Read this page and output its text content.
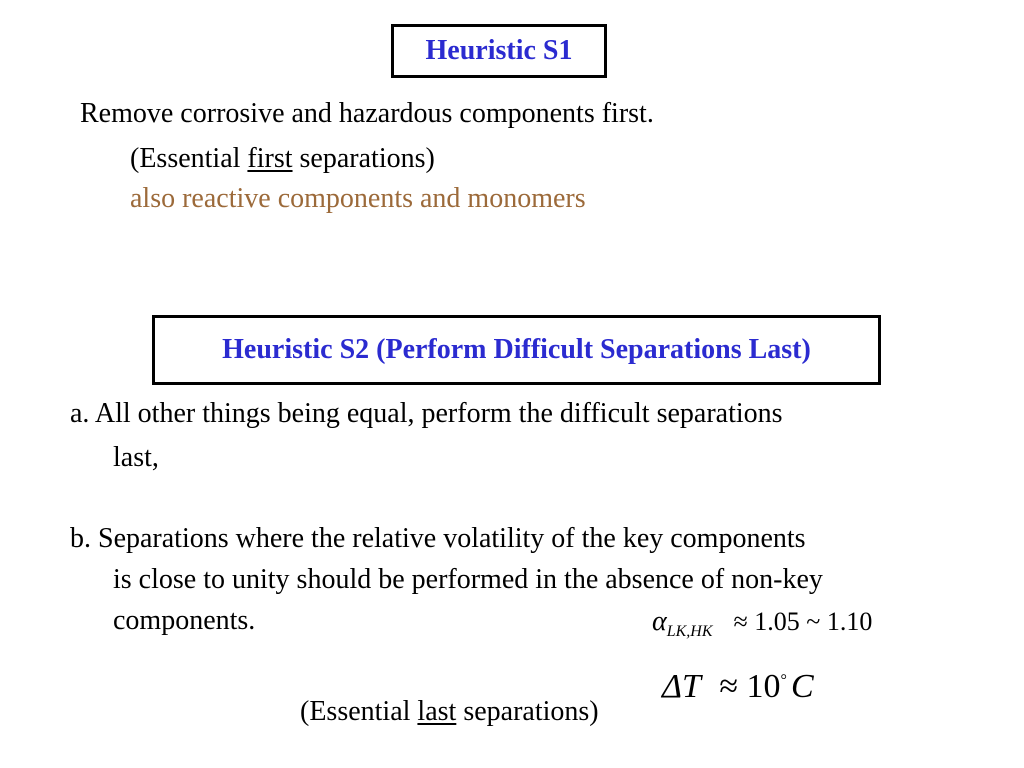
Heuristic S1
Remove corrosive and hazardous components first.
(Essential first separations)
also reactive components and monomers
Heuristic S2 (Perform Difficult Separations Last)
a. All other things being equal, perform the difficult separations
last,
b. Separations where the relative volatility of the key components
is close to unity should be performed in the absence of non-key
components.	$\alpha_{LK,HK} \approx 1.05$ ~ 1.10
ΔT ≈ 10° C
(Essential last separations)
